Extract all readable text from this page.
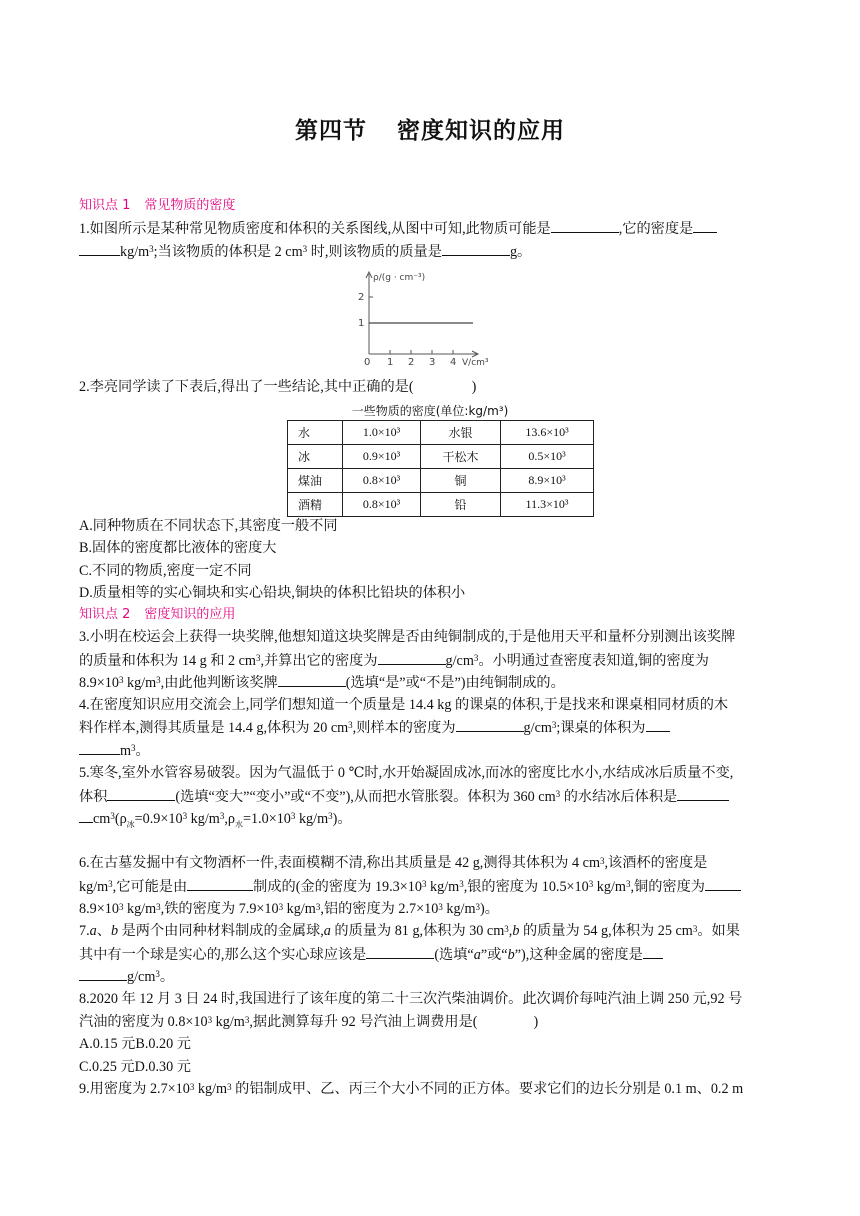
第四节 密度知识的应用
知识点 1 常见物质的密度
1.如图所示是某种常见物质密度和体积的关系图线,从图中可知,此物质可能是	,它的密度是
$kg/m^3$;当该物质的体积是 2 $cm^3$ 时,则该物质的质量是	g。
ρ/(g · cm⁻³)
2
1
0 1 2 3 4 V/cm³
2.李亮同学读了下表后,得出了一些结论,其中正确的是(	)
一些物质的密度(单位:kg/m³)
水	1.0×10³	水银	13.6×10³
冰	0.9×10³	干松木	0.5×10³
煤油	0.8×10³	铜	8.9×10³
酒精	0.8×10³	铅	11.3×10³
A.同种物质在不同状态下,其密度一般不同
B.固体的密度都比液体的密度大
C.不同的物质,密度一定不同
D.质量相等的实心铜块和实心铅块,铜块的体积比铅块的体积小
知识点 2 密度知识的应用
3.小明在校运会上获得一块奖牌,他想知道这块奖牌是否由纯铜制成的,于是他用天平和量杯分别测出该奖牌
的质量和体积为 14 g 和 2 $cm^3$,并算出它的密度为	$g/cm^3$。小明通过查密度表知道,铜的密度为
$8.9\times 10^3$ $kg/m^3$,由此他判断该奖牌	(选填“是”或“不是”)由纯铜制成的。
4.在密度知识应用交流会上,同学们想知道一个质量是 14.4 kg 的课桌的体积,于是找来和课桌相同材质的木
料作样本,测得其质量是 14.4 g,体积为 20 $cm^3$,则样本的密度为	$g/cm^3$;课桌的体积为
$m^3$。
5.寒冬,室外水管容易破裂。因为气温低于 0 ℃时,水开始凝固成冰,而冰的密度比水小,水结成冰后质量不变,
体积	(选填“变大”“变小”或“不变”),从而把水管胀裂。体积为 360 $cm^3$ 的水结冰后体积是
$cm^3(\rho_冰=0.9\times 10^3$ $kg/m^3,\rho_水=1.0\times 10^3$ $kg/m^3$)。
6.在古墓发掘中有文物酒杯一件,表面模糊不清,称出其质量是 42 g,测得其体积为 4 $cm^3$,该酒杯的密度是
$kg/m^3$,它可能是由	制成的(金的密度为 $19.3\times 10^3$ $kg/m^3$,银的密度为 $10.5\times 10^3$ $kg/m^3$,铜的密度为
$8.9\times 10^3$ $kg/m^3$,铁的密度为 $7.9\times 10^3$ $kg/m^3$,铝的密度为 $2.7\times 10^3$ $kg/m^3$)。
7.a、b 是两个由同种材料制成的金属球,a 的质量为 81 g,体积为 30 $cm^3,b$ 的质量为 54 g,体积为 25 $cm^3$。如果
其中有一个球是实心的,那么这个实心球应该是	(选填“a”或“b”),这种金属的密度是
$g/cm^3$。
8.2020 年 12 月 3 日 24 时,我国进行了该年度的第二十三次汽柴油调价。此次调价每吨汽油上调 250 元,92 号
汽油的密度为 $0.8\times 10^3$ $kg/m^3$,据此测算每升 92 号汽油上调费用是(	)
A.0.15 元B.0.20 元
C.0.25 元D.0.30 元
9.用密度为 $2.7\times 10^3$ $kg/m^3$ 的铝制成甲、乙、丙三个大小不同的正方体。要求它们的边长分别是 0.1 m、0.2 m
